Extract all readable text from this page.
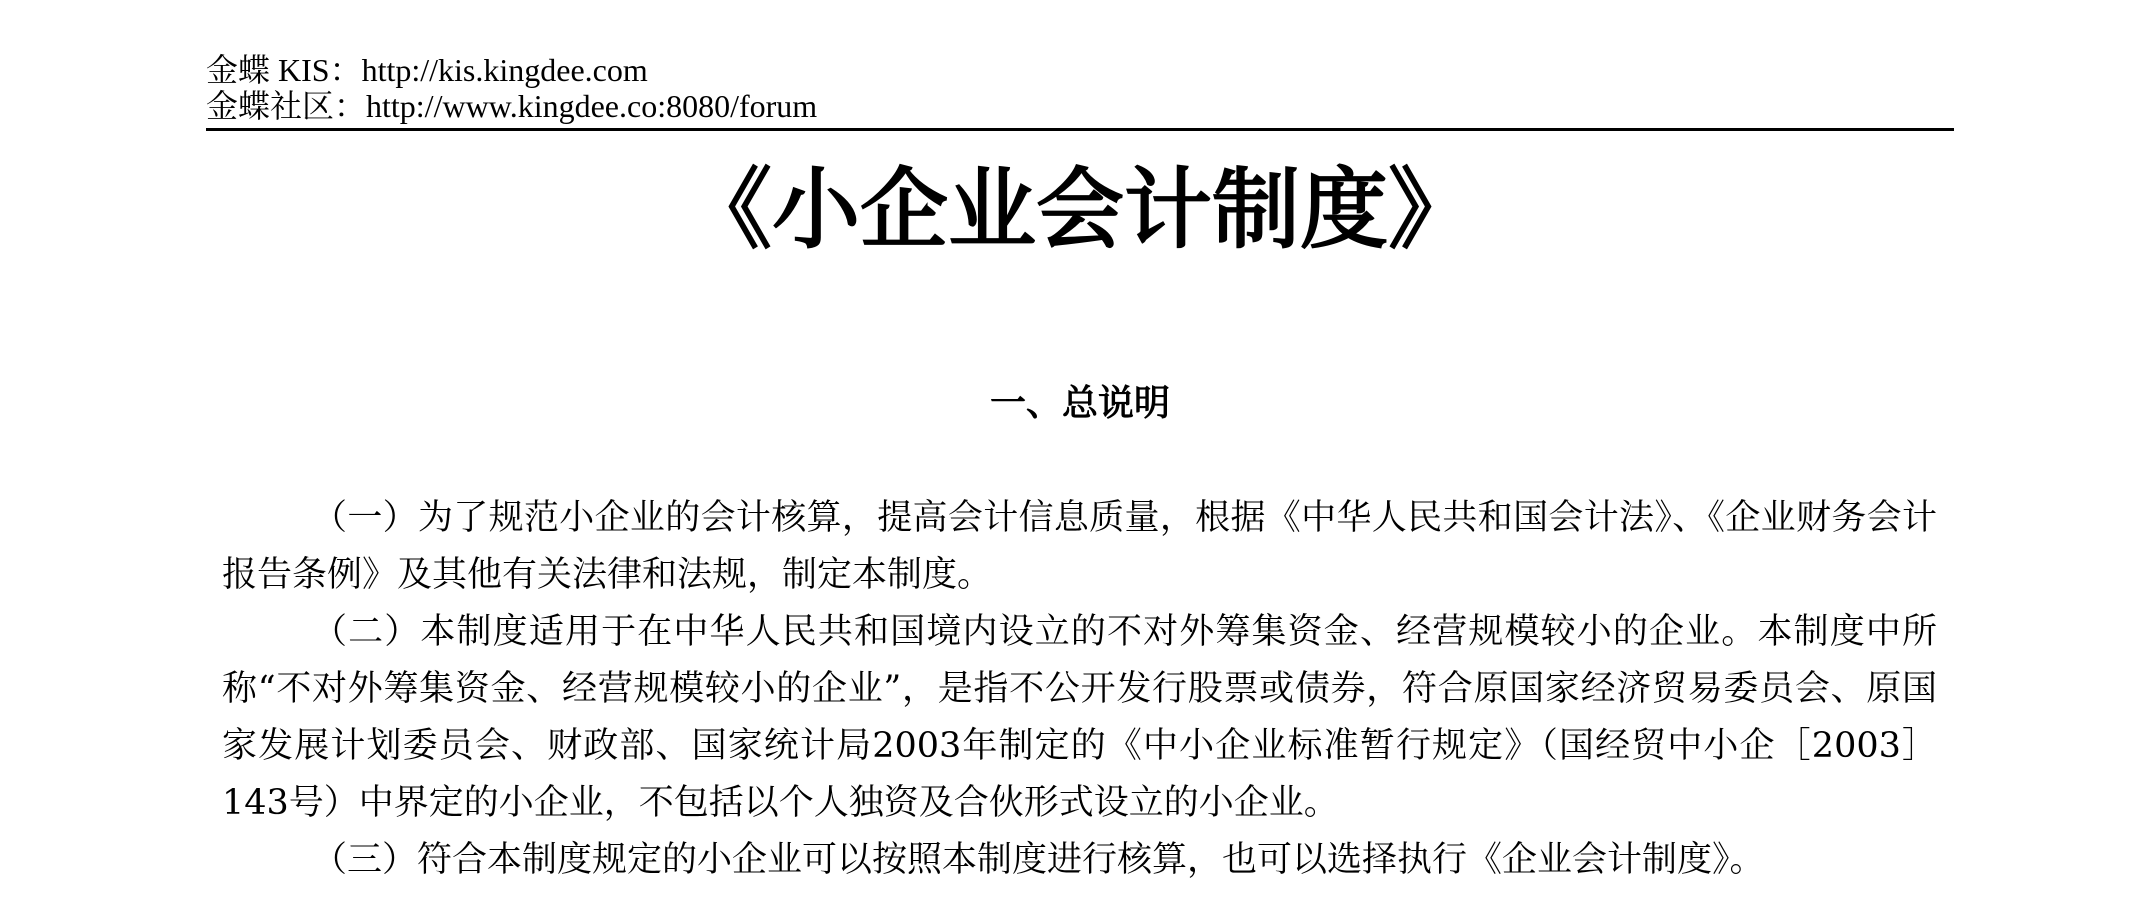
金蝶 KIS：http://kis.kingdee.com
金蝶社区：http://www.kingdee.co:8080/forum
《小企业会计制度》
一、总说明

（一）为了规范小企业的会计核算，提高会计信息质量，根据《中华人民共和国会计法》、《企业财务会计报告条例》及其他有关法律和法规，制定本制度。

（二）本制度适用于在中华人民共和国境内设立的不对外筹集资金、经营规模较小的企业。本制度中所称“不对外筹集资金、经营规模较小的企业”，是指不公开发行股票或债券，符合原国家经济贸易委员会、原国家发展计划委员会、财政部、国家统计局2003年制定的《中小企业标准暂行规定》（国经贸中小企［2003］143号）中界定的小企业，不包括以个人独资及合伙形式设立的小企业。

（三）符合本制度规定的小企业可以按照本制度进行核算，也可以选择执行《企业会计制度》。
